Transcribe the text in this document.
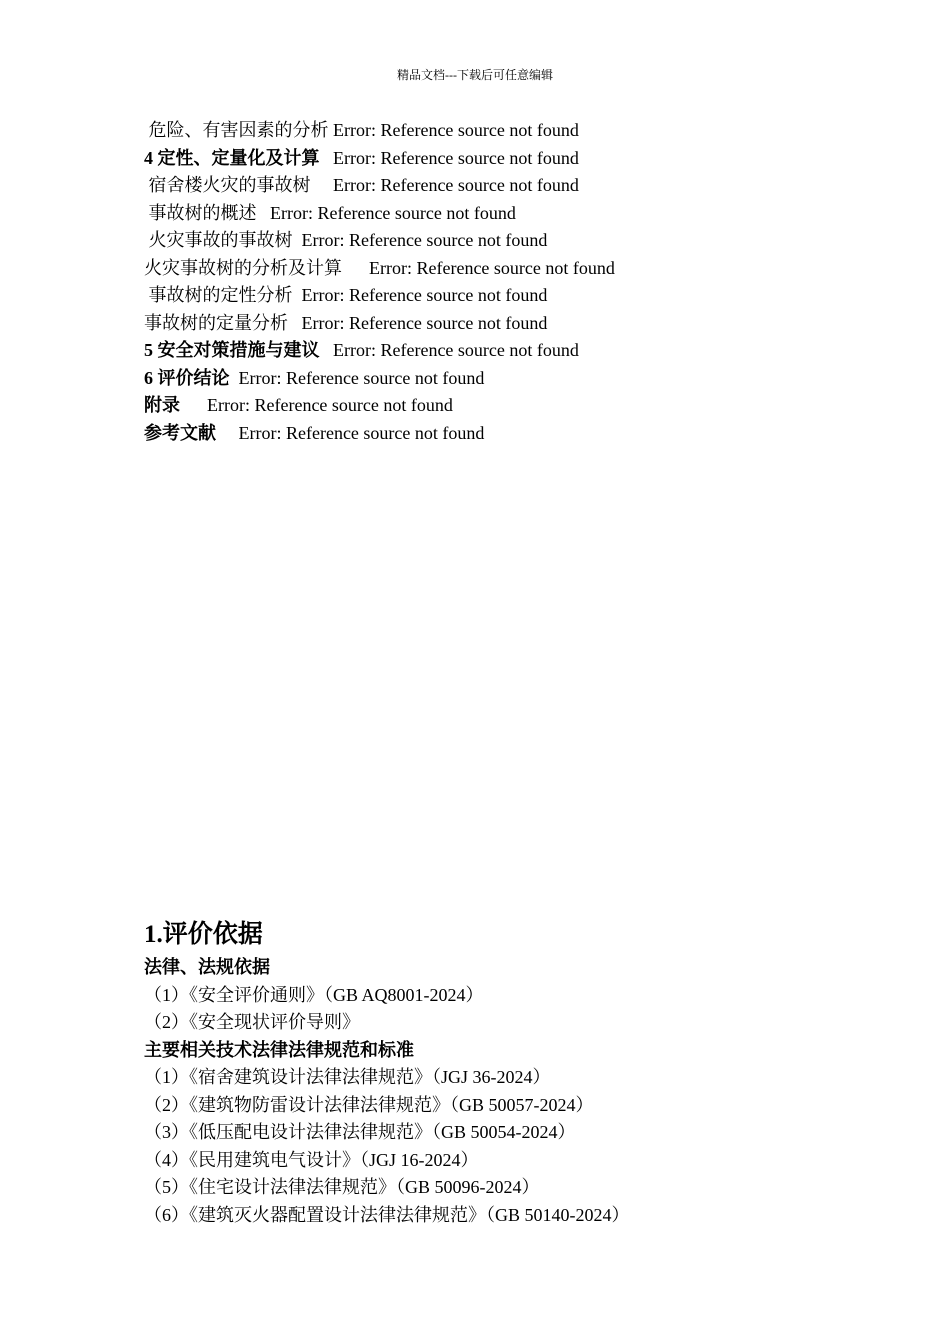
精品文档---下载后可任意编辑
危险、有害因素的分析 Error: Reference source not found
4 定性、定量化及计算 Error: Reference source not found
宿舍楼火灾的事故树 Error: Reference source not found
事故树的概述 Error: Reference source not found
火灾事故的事故树 Error: Reference source not found
火灾事故树的分析及计算 Error: Reference source not found
事故树的定性分析 Error: Reference source not found
事故树的定量分析 Error: Reference source not found
5 安全对策措施与建议 Error: Reference source not found
6 评价结论 Error: Reference source not found
附录 Error: Reference source not found
参考文献 Error: Reference source not found
1.评价依据
法律、法规依据
（1）《安全评价通则》（GB AQ8001-2024）
（2）《安全现状评价导则》
主要相关技术法律法律规范和标准
（1）《宿舍建筑设计法律法律规范》（JGJ 36-2024）
（2）《建筑物防雷设计法律法律规范》（GB 50057-2024）
（3）《低压配电设计法律法律规范》（GB 50054-2024）
（4）《民用建筑电气设计》（JGJ 16-2024）
（5）《住宅设计法律法律规范》（GB 50096-2024）
（6）《建筑灭火器配置设计法律法律规范》（GB 50140-2024）
